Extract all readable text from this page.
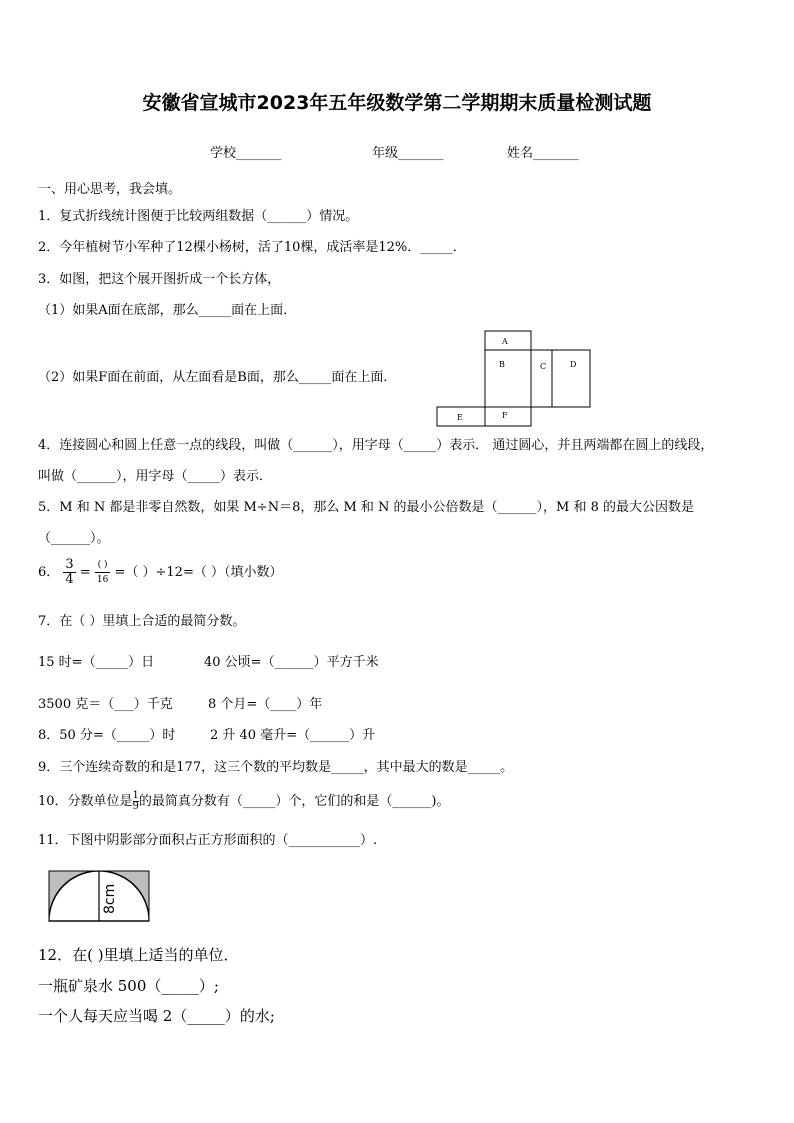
安徽省宣城市2023年五年级数学第二学期期末质量检测试题
学校_______	年级_______	姓名_______
一、用心思考，我会填。
1．复式折线统计图便于比较两组数据（______）情况。
2．今年植树节小军种了12棵小杨树，活了10棵，成活率是12%．_____．
3．如图，把这个展开图折成一个长方体，
（1）如果A面在底部，那么_____面在上面．
（2）如果F面在前面，从左面看是B面，那么_____面在上面．
A
B	C	D
E	F
4．连接圆心和圆上任意一点的线段，叫做（______），用字母（_____）表示． 通过圆心，并且两端都在圆上的线段，
叫做（______），用字母（_____）表示．
5．M 和 N 都是非零自然数，如果 M÷N＝8，那么 M 和 N 的最小公倍数是（______），M 和 8 的最大公因数是
（______）。
6． $\frac{3}{4} = \frac{( )}{16}$ =（ ）÷12=（ ）（填小数）
7．在（ ）里填上合适的最简分数。
15 时=（_____）日	40 公顷=（______）平方千米
3500 克＝（___）千克	8 个月=（____）年
8．50 分=（_____）时	2 升 40 毫升=（______）升
9．三个连续奇数的和是177，这三个数的平均数是_____，其中最大的数是_____。
10．分数单位是 $\frac{1}{9}$的最简真分数有（_____）个，它们的和是（______)。
11．下图中阴影部分面积占正方形面积的（___________）.
8cm
12．在( )里填上适当的单位．
一瓶矿泉水 500（_____）;
一个人每天应当喝 2（_____）的水;
